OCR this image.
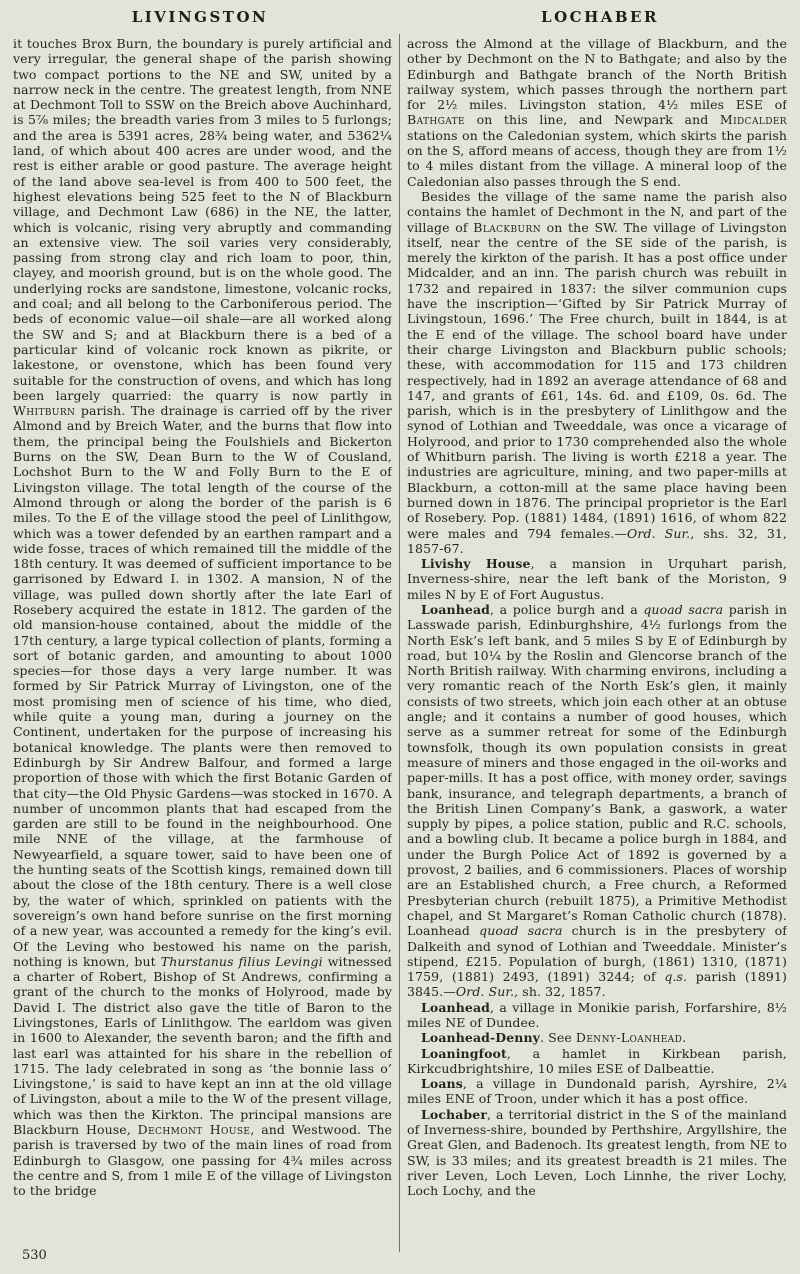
LIVINGSTON	LOCHABER

it touches Brox Burn, the boundary is purely artificial and very irregular, the general shape of the parish showing two compact portions to the NE and SW, united by a narrow neck in the centre. The greatest length, from NNE at Dechmont Toll to SSW on the Breich above Auchinhard, is 5⅞ miles; the breadth varies from 3 miles to 5 furlongs; and the area is 5391 acres, 28¾ being water, and 5362¼ land, of which about 400 acres are under wood, and the rest is either arable or good pasture. The average height of the land above sea-level is from 400 to 500 feet, the highest elevations being 525 feet to the N of Blackburn village, and Dechmont Law (686) in the NE, the latter, which is volcanic, rising very abruptly and commanding an extensive view. The soil varies very considerably, passing from strong clay and rich loam to poor, thin, clayey, and moorish ground, but is on the whole good. The underlying rocks are sandstone, limestone, volcanic rocks, and coal; and all belong to the Carboniferous period. The beds of economic value—oil shale—are all worked along the SW and S; and at Blackburn there is a bed of a particular kind of volcanic rock known as pikrite, or lakestone, or ovenstone, which has been found very suitable for the construction of ovens, and which has long been largely quarried: the quarry is now partly in Whitburn parish. The drainage is carried off by the river Almond and by Breich Water, and the burns that flow into them, the principal being the Foulshiels and Bickerton Burns on the SW, Dean Burn to the W of Cousland, Lochshot Burn to the W and Folly Burn to the E of Livingston village. The total length of the course of the Almond through or along the border of the parish is 6 miles. To the E of the village stood the peel of Linlithgow, which was a tower defended by an earthen rampart and a wide fosse, traces of which remained till the middle of the 18th century. It was deemed of sufficient importance to be garrisoned by Edward I. in 1302. A mansion, N of the village, was pulled down shortly after the late Earl of Rosebery acquired the estate in 1812. The garden of the old mansion-house contained, about the middle of the 17th century, a large typical collection of plants, forming a sort of botanic garden, and amounting to about 1000 species—for those days a very large number. It was formed by Sir Patrick Murray of Livingston, one of the most promising men of science of his time, who died, while quite a young man, during a journey on the Continent, undertaken for the purpose of increasing his botanical knowledge. The plants were then removed to Edinburgh by Sir Andrew Balfour, and formed a large proportion of those with which the first Botanic Garden of that city—the Old Physic Gardens—was stocked in 1670. A number of uncommon plants that had escaped from the garden are still to be found in the neighbourhood. One mile NNE of the village, at the farmhouse of Newyearfield, a square tower, said to have been one of the hunting seats of the Scottish kings, remained down till about the close of the 18th century. There is a well close by, the water of which, sprinkled on patients with the sovereign’s own hand before sunrise on the first morning of a new year, was accounted a remedy for the king’s evil. Of the Leving who bestowed his name on the parish, nothing is known, but Thurstanus filius Levingi witnessed a charter of Robert, Bishop of St Andrews, confirming a grant of the church to the monks of Holyrood, made by David I. The district also gave the title of Baron to the Livingstones, Earls of Linlithgow. The earldom was given in 1600 to Alexander, the seventh baron; and the fifth and last earl was attainted for his share in the rebellion of 1715. The lady celebrated in song as ‘the bonnie lass o’ Livingstone,’ is said to have kept an inn at the old village of Livingston, about a mile to the W of the present village, which was then the Kirkton. The principal mansions are Blackburn House, Dechmont House, and Westwood. The parish is traversed by two of the main lines of road from Edinburgh to Glasgow, one passing for 4¾ miles across the centre and S, from 1 mile E of the village of Livingston to the bridge

across the Almond at the village of Blackburn, and the other by Dechmont on the N to Bathgate; and also by the Edinburgh and Bathgate branch of the North British railway system, which passes through the northern part for 2½ miles. Livingston station, 4½ miles ESE of Bathgate on this line, and Newpark and Midcalder stations on the Caledonian system, which skirts the parish on the S, afford means of access, though they are from 1½ to 4 miles distant from the village. A mineral loop of the Caledonian also passes through the S end.

Besides the village of the same name the parish also contains the hamlet of Dechmont in the N, and part of the village of Blackburn on the SW. The village of Livingston itself, near the centre of the SE side of the parish, is merely the kirkton of the parish. It has a post office under Midcalder, and an inn. The parish church was rebuilt in 1732 and repaired in 1837: the silver communion cups have the inscription—‘Gifted by Sir Patrick Murray of Livingstoun, 1696.’ The Free church, built in 1844, is at the E end of the village. The school board have under their charge Livingston and Blackburn public schools; these, with accommodation for 115 and 173 children respectively, had in 1892 an average attendance of 68 and 147, and grants of £61, 14s. 6d. and £109, 0s. 6d. The parish, which is in the presbytery of Linlithgow and the synod of Lothian and Tweeddale, was once a vicarage of Holyrood, and prior to 1730 comprehended also the whole of Whitburn parish. The living is worth £218 a year. The industries are agriculture, mining, and two paper-mills at Blackburn, a cotton-mill at the same place having been burned down in 1876. The principal proprietor is the Earl of Rosebery. Pop. (1881) 1484, (1891) 1616, of whom 822 were males and 794 females.—Ord. Sur., shs. 32, 31, 1857-67.

Livishy House, a mansion in Urquhart parish, Inverness-shire, near the left bank of the Moriston, 9 miles N by E of Fort Augustus.

Loanhead, a police burgh and a quoad sacra parish in Lasswade parish, Edinburghshire, 4½ furlongs from the North Esk’s left bank, and 5 miles S by E of Edinburgh by road, but 10¼ by the Roslin and Glencorse branch of the North British railway. With charming environs, including a very romantic reach of the North Esk’s glen, it mainly consists of two streets, which join each other at an obtuse angle; and it contains a number of good houses, which serve as a summer retreat for some of the Edinburgh townsfolk, though its own population consists in great measure of miners and those engaged in the oil-works and paper-mills. It has a post office, with money order, savings bank, insurance, and telegraph departments, a branch of the British Linen Company’s Bank, a gaswork, a water supply by pipes, a police station, public and R.C. schools, and a bowling club. It became a police burgh in 1884, and under the Burgh Police Act of 1892 is governed by a provost, 2 bailies, and 6 commissioners. Places of worship are an Established church, a Free church, a Reformed Presbyterian church (rebuilt 1875), a Primitive Methodist chapel, and St Margaret’s Roman Catholic church (1878). Loanhead quoad sacra church is in the presbytery of Dalkeith and synod of Lothian and Tweeddale. Minister’s stipend, £215. Population of burgh, (1861) 1310, (1871) 1759, (1881) 2493, (1891) 3244; of q.s. parish (1891) 3845.—Ord. Sur., sh. 32, 1857.

Loanhead, a village in Monikie parish, Forfarshire, 8½ miles NE of Dundee.

Loanhead-Denny. See Denny-Loanhead.

Loaningfoot, a hamlet in Kirkbean parish, Kirkcudbrightshire, 10 miles ESE of Dalbeattie.

Loans, a village in Dundonald parish, Ayrshire, 2¼ miles ENE of Troon, under which it has a post office.

Lochaber, a territorial district in the S of the mainland of Inverness-shire, bounded by Perthshire, Argyllshire, the Great Glen, and Badenoch. Its greatest length, from NE to SW, is 33 miles; and its greatest breadth is 21 miles. The river Leven, Loch Leven, Loch Linnhe, the river Lochy, Loch Lochy, and the

530
